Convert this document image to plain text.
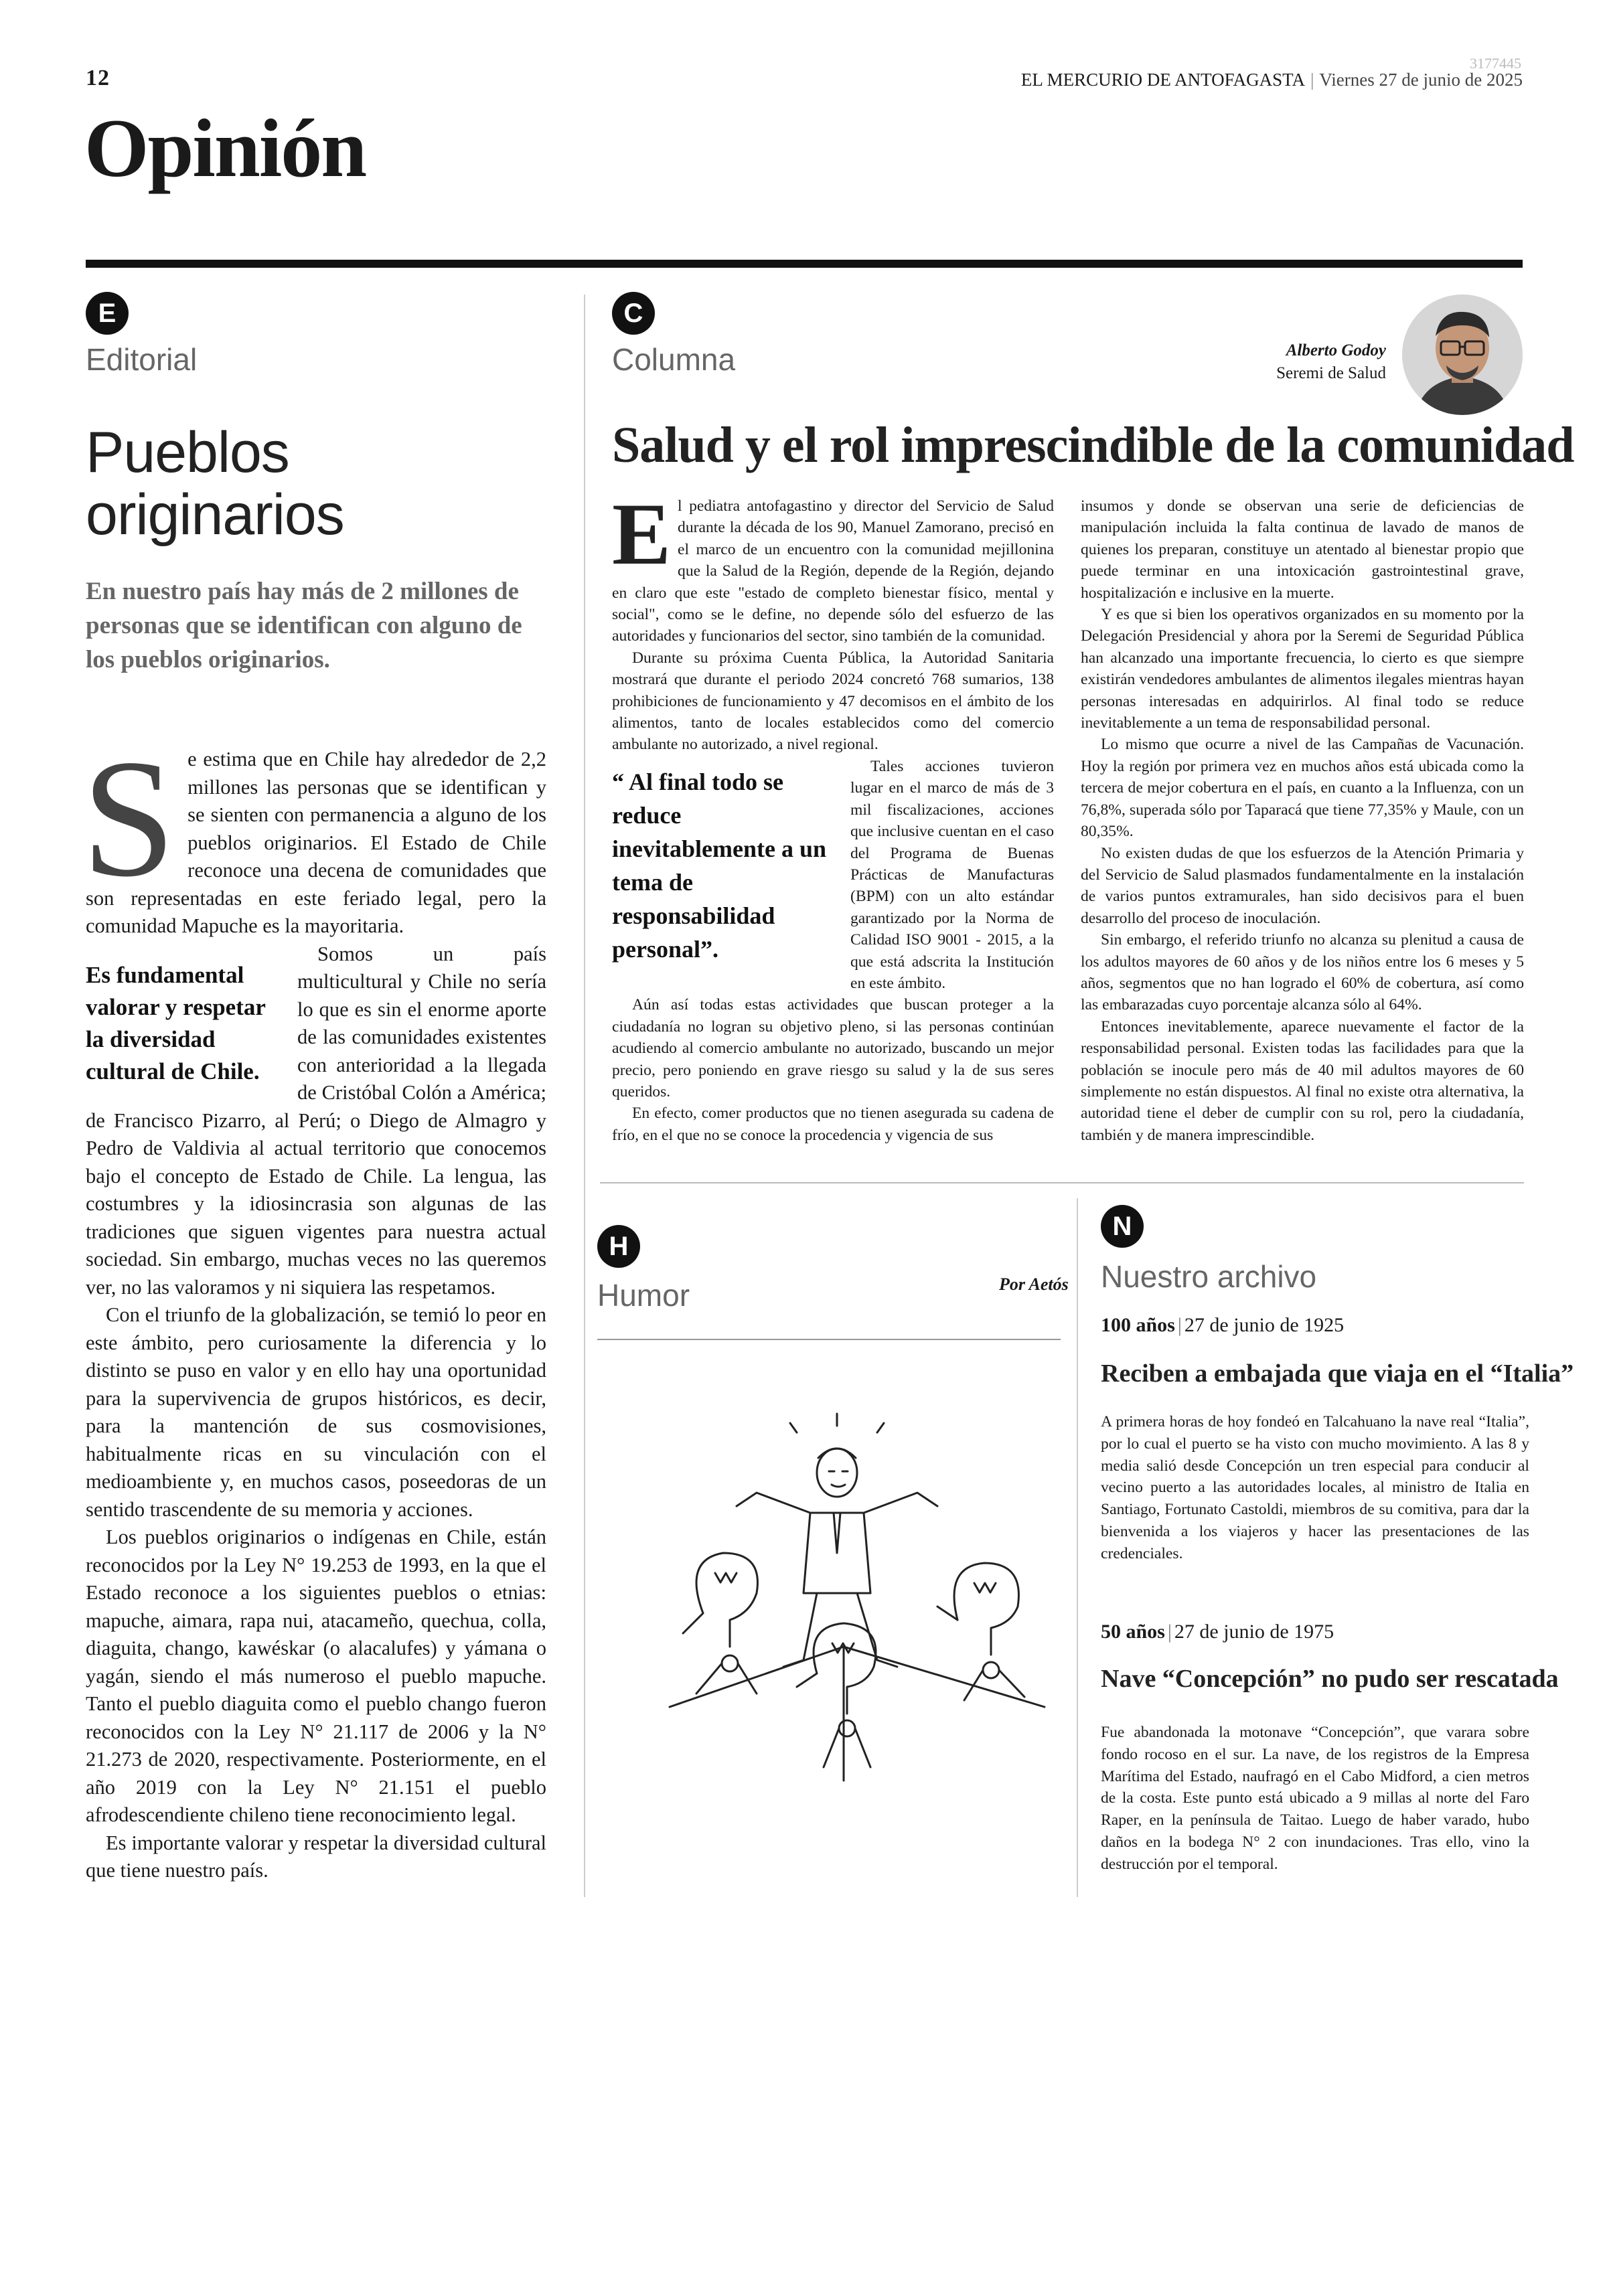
12
3177445
EL MERCURIO DE ANTOFAGASTA | Viernes 27 de junio de 2025
Opinión
E
Editorial
Pueblos
originarios

En nuestro país hay más de 2 millones de personas que se identifican con alguno de los pueblos originarios.

Se estima que en Chile hay alrededor de 2,2 millones las personas que se identifican y se sienten con permanencia a alguno de los pueblos originarios. El Estado de Chile reconoce una decena de comunidades que son representadas en este feriado legal, pero la comunidad Mapuche es la mayoritaria.

Es fundamental valorar y respetar la diversidad cultural de Chile.

Somos un país multicultural y Chile no sería lo que es sin el enorme aporte de las comunidades existentes con anterioridad a la llegada de Cristóbal Colón a América; de Francisco Pizarro, al Perú; o Diego de Almagro y Pedro de Valdivia al actual territorio que conocemos bajo el concepto de Estado de Chile. La lengua, las costumbres y la idiosincrasia son algunas de las tradiciones que siguen vigentes para nuestra actual sociedad. Sin embargo, muchas veces no las queremos ver, no las valoramos y ni siquiera las respetamos.

Con el triunfo de la globalización, se temió lo peor en este ámbito, pero curiosamente la diferencia y lo distinto se puso en valor y en ello hay una oportunidad para la supervivencia de grupos históricos, es decir, para la mantención de sus cosmovisiones, habitualmente ricas en su vinculación con el medioambiente y, en muchos casos, poseedoras de un sentido trascendente de su memoria y acciones.

Los pueblos originarios o indígenas en Chile, están reconocidos por la Ley N° 19.253 de 1993, en la que el Estado reconoce a los siguientes pueblos o etnias: mapuche, aimara, rapa nui, atacameño, quechua, colla, diaguita, chango, kawéskar (o alacalufes) y yámana o yagán, siendo el más numeroso el pueblo mapuche. Tanto el pueblo diaguita como el pueblo chango fueron reconocidos con la Ley N° 21.117 de 2006 y la N° 21.273 de 2020, respectivamente. Posteriormente, en el año 2019 con la Ley N° 21.151 el pueblo afrodescendiente chileno tiene reconocimiento legal.

Es importante valorar y respetar la diversidad cultural que tiene nuestro país.

C
Columna	Alberto Godoy
Seremi de Salud
Salud y el rol imprescindible de la comunidad

El pediatra antofagastino y director del Servicio de Salud durante la década de los 90, Manuel Zamorano, precisó en el marco de un encuentro con la comunidad mejillonina que la Salud de la Región, depende de la Región, dejando en claro que este "estado de completo bienestar físico, mental y social", como se le define, no depende sólo del esfuerzo de las autoridades y funcionarios del sector, sino también de la comunidad.

Durante su próxima Cuenta Pública, la Autoridad Sanitaria mostrará que durante el periodo 2024 concretó 768 sumarios, 138 prohibiciones de funcionamiento y 47 decomisos en el ámbito de los alimentos, tanto de locales establecidos como del comercio ambulante no autorizado, a nivel regional.

“ Al final todo se reduce inevitablemente a un tema de responsabilidad personal”.

Tales acciones tuvieron lugar en el marco de más de 3 mil fiscalizaciones, acciones que inclusive cuentan en el caso del Programa de Buenas Prácticas de Manufacturas (BPM) con un alto estándar garantizado por la Norma de Calidad ISO 9001 - 2015, a la que está adscrita la Institución en este ámbito.

Aún así todas estas actividades que buscan proteger a la ciudadanía no logran su objetivo pleno, si las personas continúan acudiendo al comercio ambulante no autorizado, buscando un mejor precio, pero poniendo en grave riesgo su salud y la de sus seres queridos.

En efecto, comer productos que no tienen asegurada su cadena de frío, en el que no se conoce la procedencia y vigencia de sus

insumos y donde se observan una serie de deficiencias de manipulación incluida la falta continua de lavado de manos de quienes los preparan, constituye un atentado al bienestar propio que puede terminar en una intoxicación gastrointestinal grave, hospitalización e inclusive en la muerte.

Y es que si bien los operativos organizados en su momento por la Delegación Presidencial y ahora por la Seremi de Seguridad Pública han alcanzado una importante frecuencia, lo cierto es que siempre existirán vendedores ambulantes de alimentos ilegales mientras hayan personas interesadas en adquirirlos. Al final todo se reduce inevitablemente a un tema de responsabilidad personal.

Lo mismo que ocurre a nivel de las Campañas de Vacunación. Hoy la región por primera vez en muchos años está ubicada como la tercera de mejor cobertura en el país, en cuanto a la Influenza, con un 76,8%, superada sólo por Taparacá que tiene 77,35% y Maule, con un 80,35%.

No existen dudas de que los esfuerzos de la Atención Primaria y del Servicio de Salud plasmados fundamentalmente en la instalación de varios puntos extramurales, han sido decisivos para el buen desarrollo del proceso de inoculación.

Sin embargo, el referido triunfo no alcanza su plenitud a causa de los adultos mayores de 60 años y de los niños entre los 6 meses y 5 años, segmentos que no han logrado el 60% de cobertura, así como las embarazadas cuyo porcentaje alcanza sólo al 64%.

Entonces inevitablemente, aparece nuevamente el factor de la responsabilidad personal. Existen todas las facilidades para que la población se inocule pero más de 40 mil adultos mayores de 60 simplemente no están dispuestos. Al final no existe otra alternativa, la autoridad tiene el deber de cumplir con su rol, pero la ciudadanía, también y de manera imprescindible.

H
Humor	Por Aetós
N
Nuestro archivo
100 años | 27 de junio de 1925
Reciben a embajada que viaja en el “Italia”

A primera horas de hoy fondeó en Talcahuano la nave real “Italia”, por lo cual el puerto se ha visto con mucho movimiento. A las 8 y media salió desde Concepción un tren especial para conducir al vecino puerto a las autoridades locales, al ministro de Italia en Santiago, Fortunato Castoldi, miembros de su comitiva, para dar la bienvenida a los viajeros y hacer las presentaciones de las credenciales.

50 años | 27 de junio de 1975
Nave “Concepción” no pudo ser rescatada

Fue abandonada la motonave “Concepción”, que varara sobre fondo rocoso en el sur. La nave, de los registros de la Empresa Marítima del Estado, naufragó en el Cabo Midford, a cien metros de la costa. Este punto está ubicado a 9 millas al norte del Faro Raper, en la península de Taitao. Luego de haber varado, hubo daños en la bodega N° 2 con inundaciones. Tras ello, vino la destrucción por el temporal.
